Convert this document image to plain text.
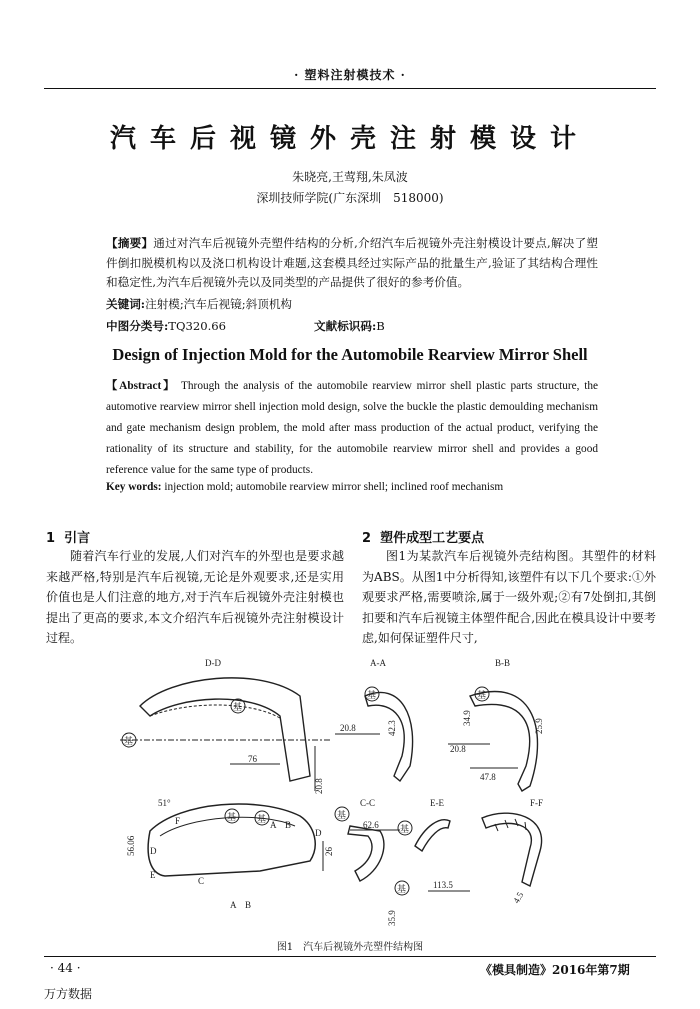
· 塑料注射模技术 ·
汽车后视镜外壳注射模设计
朱晓亮,王莺翔,朱凤波
深圳技师学院(广东深圳　518000)
【摘要】通过对汽车后视镜外壳塑件结构的分析,介绍汽车后视镜外壳注射模设计要点,解决了塑件倒扣脱模机构以及浇口机构设计难题,这套模具经过实际产品的批量生产,验证了其结构合理性和稳定性,为汽车后视镜外壳以及同类型的产品提供了很好的参考价值。
关键词:注射模;汽车后视镜;斜顶机构
中图分类号:TQ320.66	文献标识码:B
Design of Injection Mold for the Automobile Rearview Mirror Shell
【Abstract】 Through the analysis of the automobile rearview mirror shell plastic parts structure, the automotive rearview mirror shell injection mold design, solve the buckle the plastic demoulding mechanism and gate mechanism design problem, the mold after mass production of the actual product, verifying the rationality of its structure and stability, for the automobile rearview mirror shell and provides a good reference value for the same type of products.
Key words: injection mold; automobile rearview mirror shell; inclined roof mechanism
1 引言
随着汽车行业的发展,人们对汽车的外型也是要求越来越严格,特别是汽车后视镜,无论是外观要求,还是实用价值也是人们注意的地方,对于汽车后视镜外壳注射模也提出了更高的要求,本文介绍汽车后视镜外壳注射模设计过程。
2 塑件成型工艺要点
图1为某款汽车后视镜外壳结构图。其塑件的材料为ABS。从图1中分析得知,该塑件有以下几个要求:①外观要求严格,需要喷涂,属于一级外观;②有7处倒扣,其倒扣要和汽车后视镜主体塑件配合,因此在模具设计中要考虑,如何保证塑件尺寸,
D-D
基
基
76
20.8
A-A
基
20.8	42.3
B-B
基
34.9
25.9
20.8
47.8
51°
基 基
56.06
F
D
E
C
A B
A B
D
26
C-C
基
62.6 基
E-E
基	113.5
35.9
F-F
4.5
图1　汽车后视镜外壳塑件结构图
· 44 ·	《模具制造》2016年第7期
万方数据
